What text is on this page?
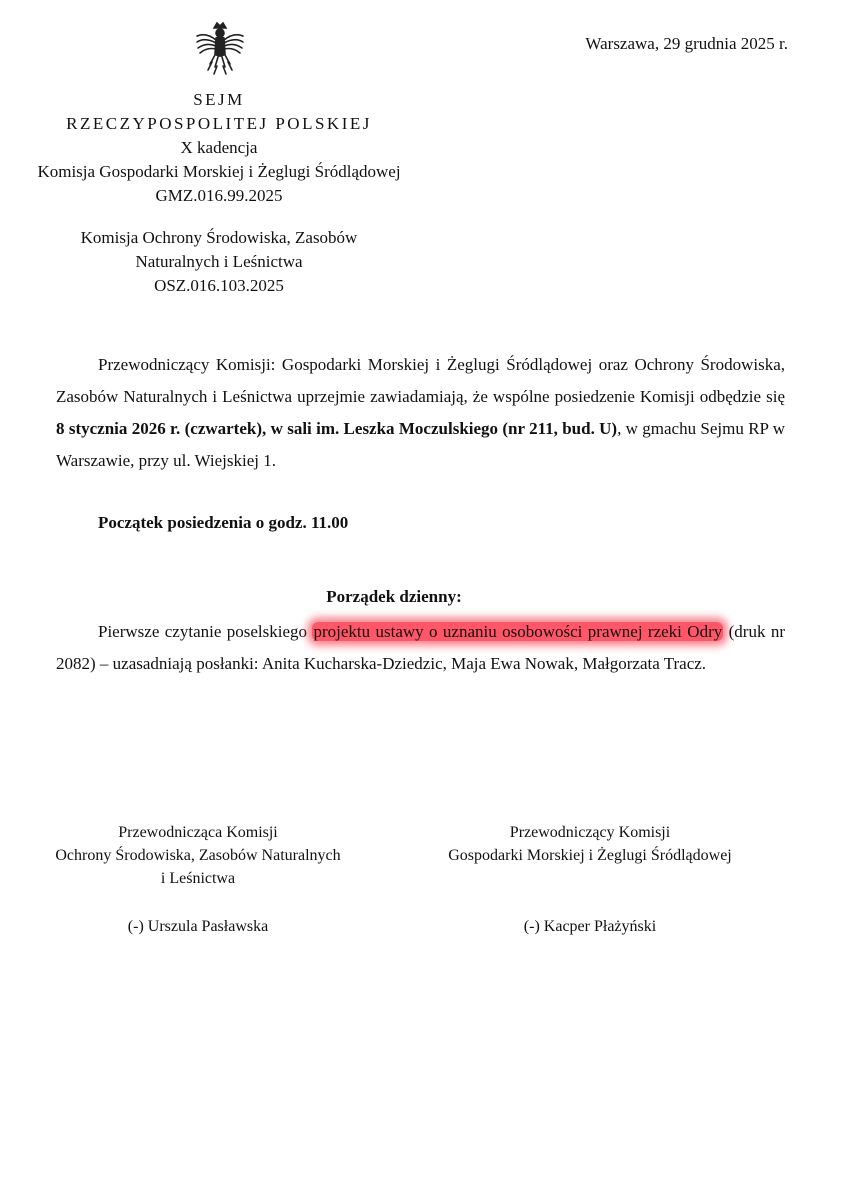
Warszawa, 29 grudnia 2025 r.
SEJM
RZECZYPOSPOLITEJ POLSKIEJ
X kadencja
Komisja Gospodarki Morskiej i Żeglugi Śródlądowej
GMZ.016.99.2025
Komisja Ochrony Środowiska, Zasobów
Naturalnych i Leśnictwa
OSZ.016.103.2025

Przewodniczący Komisji: Gospodarki Morskiej i Żeglugi Śródlądowej oraz Ochrony Środowiska, Zasobów Naturalnych i Leśnictwa uprzejmie zawiadamiają, że wspólne posiedzenie Komisji odbędzie się 8 stycznia 2026 r. (czwartek), w sali im. Leszka Moczulskiego (nr 211, bud. U), w gmachu Sejmu RP w Warszawie, przy ul. Wiejskiej 1.

Początek posiedzenia o godz. 11.00
Porządek dzienny:

Pierwsze czytanie poselskiego projektu ustawy o uznaniu osobowości prawnej rzeki Odry (druk nr 2082) – uzasadniają posłanki: Anita Kucharska-Dziedzic, Maja Ewa Nowak, Małgorzata Tracz.

Przewodnicząca Komisji
Ochrony Środowiska, Zasobów Naturalnych
i Leśnictwa
(-) Urszula Pasławska
Przewodniczący Komisji
Gospodarki Morskiej i Żeglugi Śródlądowej
(-) Kacper Płażyński
